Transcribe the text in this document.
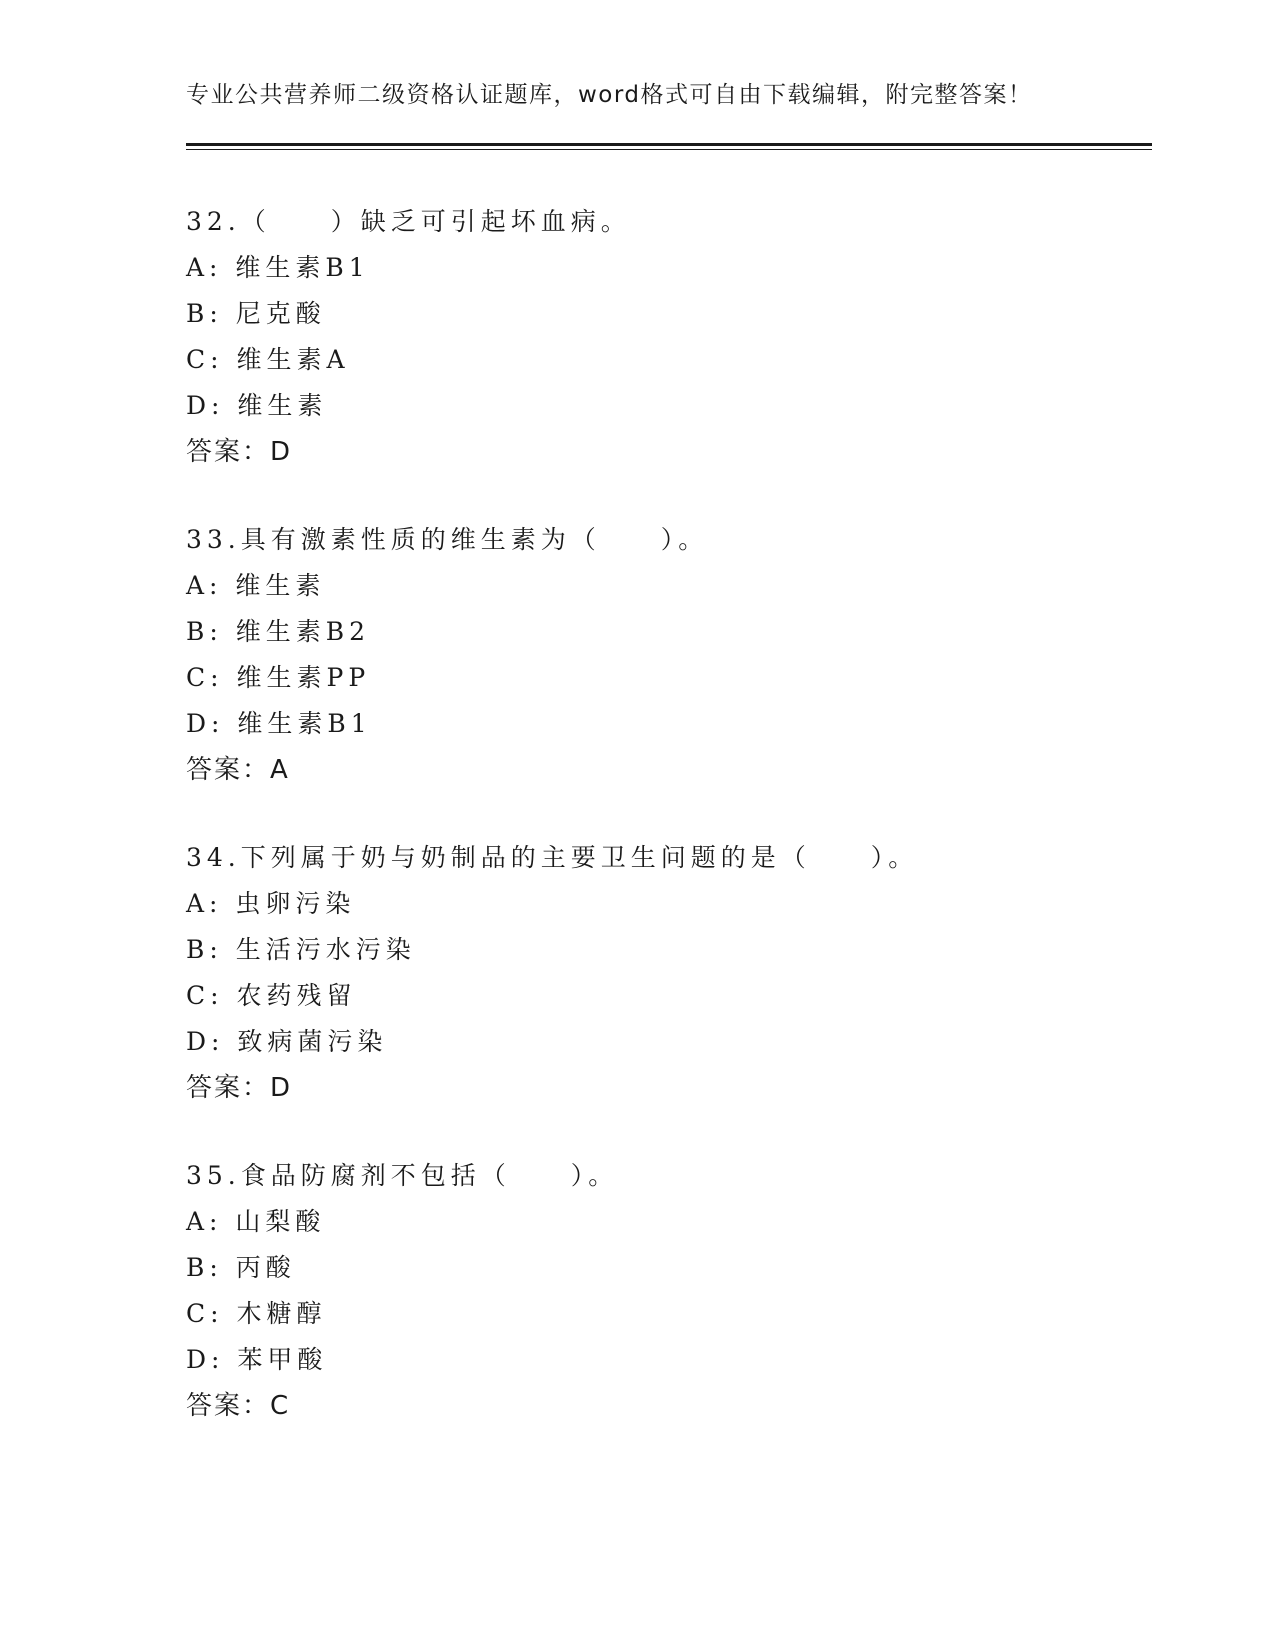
专业公共营养师二级资格认证题库，word格式可自由下载编辑，附完整答案！
32.（　　）缺乏可引起坏血病。
A: 维生素B1
B: 尼克酸
C: 维生素A
D: 维生素
答案：D
33.具有激素性质的维生素为（　　）。
A: 维生素
B: 维生素B2
C: 维生素PP
D: 维生素B1
答案：A
34.下列属于奶与奶制品的主要卫生问题的是（　　）。
A: 虫卵污染
B: 生活污水污染
C: 农药残留
D: 致病菌污染
答案：D
35.食品防腐剂不包括（　　）。
A: 山梨酸
B: 丙酸
C: 木糖醇
D: 苯甲酸
答案：C
